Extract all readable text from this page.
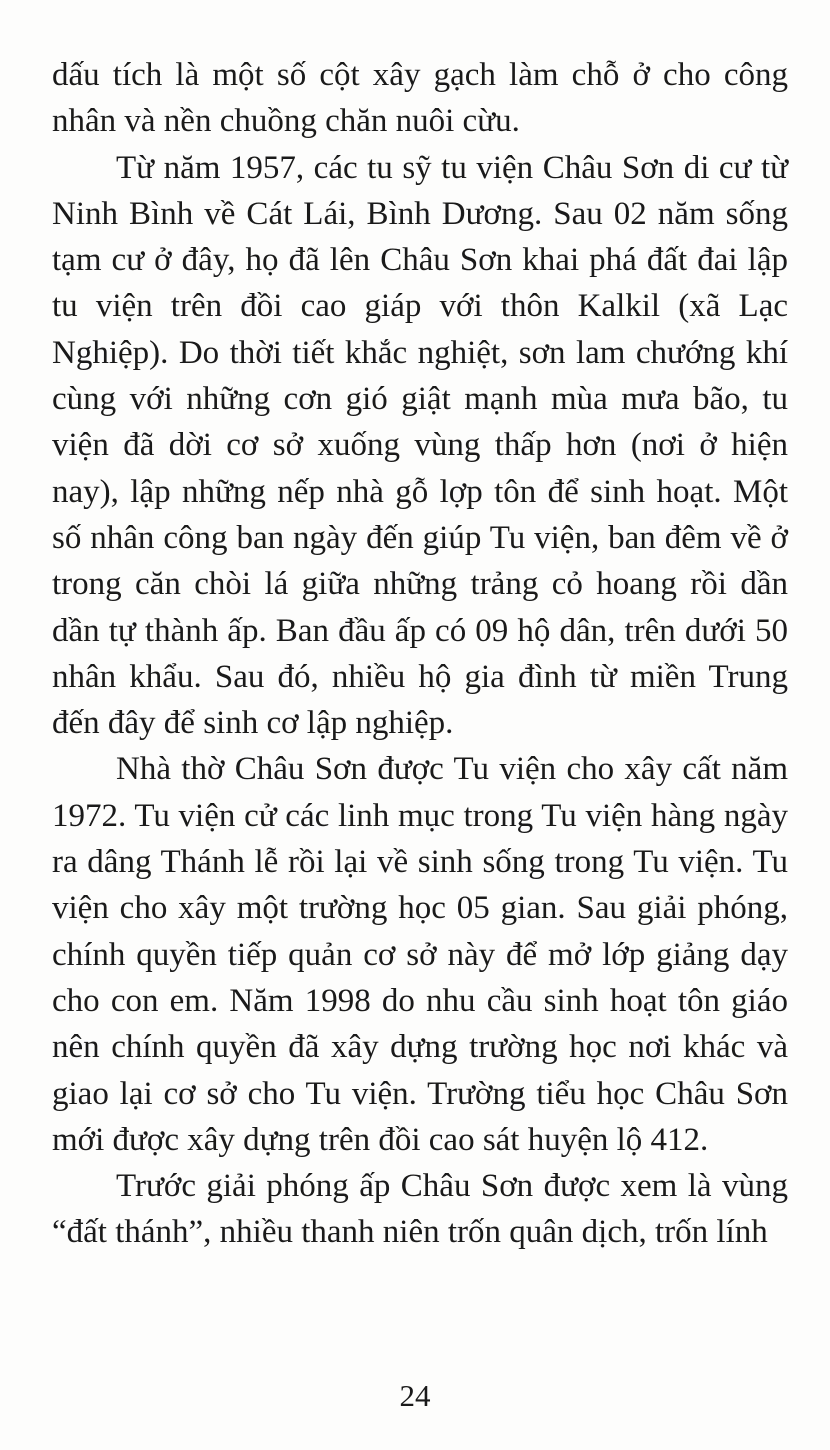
dấu tích là một số cột xây gạch làm chỗ ở cho công nhân và nền chuồng chăn nuôi cừu.

Từ năm 1957, các tu sỹ tu viện Châu Sơn di cư từ Ninh Bình về Cát Lái, Bình Dương. Sau 02 năm sống tạm cư ở đây, họ đã lên Châu Sơn khai phá đất đai lập tu viện trên đồi cao giáp với thôn Kalkil (xã Lạc Nghiệp). Do thời tiết khắc nghiệt, sơn lam chướng khí cùng với những cơn gió giật mạnh mùa mưa bão, tu viện đã dời cơ sở xuống vùng thấp hơn (nơi ở hiện nay), lập những nếp nhà gỗ lợp tôn để sinh hoạt. Một số nhân công ban ngày đến giúp Tu viện, ban đêm về ở trong căn chòi lá giữa những trảng cỏ hoang rồi dần dần tự thành ấp. Ban đầu ấp có 09 hộ dân, trên dưới 50 nhân khẩu. Sau đó, nhiều hộ gia đình từ miền Trung đến đây để sinh cơ lập nghiệp.

Nhà thờ Châu Sơn được Tu viện cho xây cất năm 1972. Tu viện cử các linh mục trong Tu viện hàng ngày ra dâng Thánh lễ rồi lại về sinh sống trong Tu viện. Tu viện cho xây một trường học 05 gian. Sau giải phóng, chính quyền tiếp quản cơ sở này để mở lớp giảng dạy cho con em. Năm 1998 do nhu cầu sinh hoạt tôn giáo nên chính quyền đã xây dựng trường học nơi khác và giao lại cơ sở cho Tu viện. Trường tiểu học Châu Sơn mới được xây dựng trên đồi cao sát huyện lộ 412.

Trước giải phóng ấp Châu Sơn được xem là vùng “đất thánh”, nhiều thanh niên trốn quân dịch, trốn lính

24
